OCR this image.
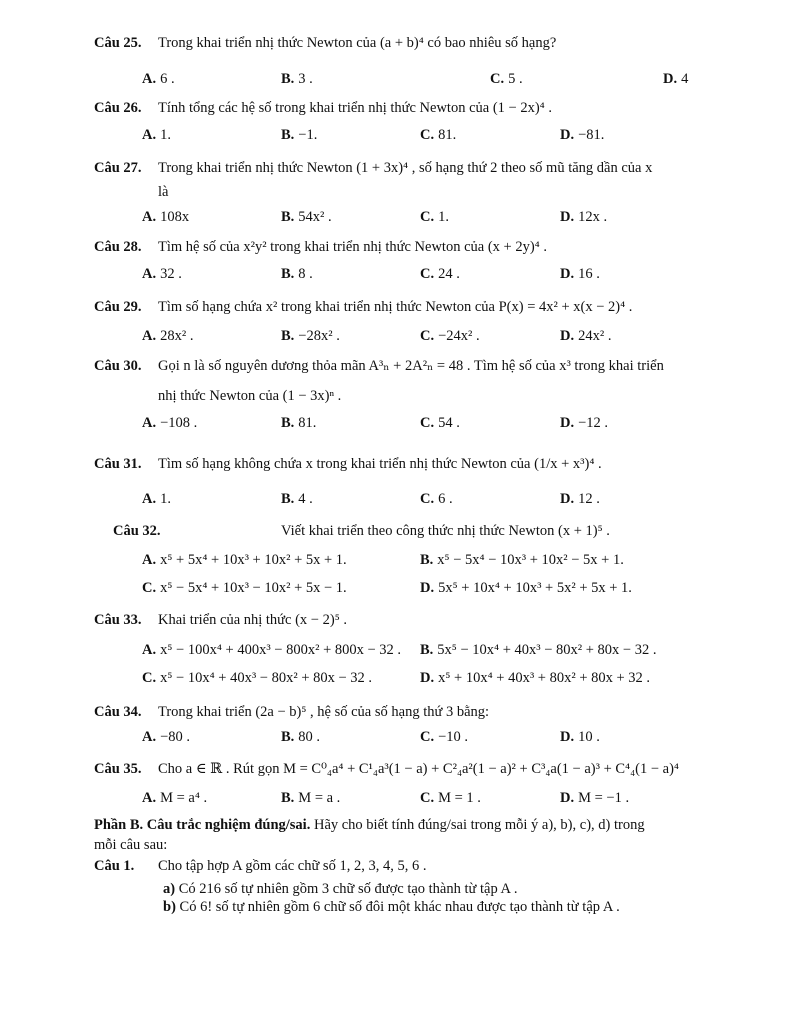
Câu 25. Trong khai triển nhị thức Newton của (a + b)⁴ có bao nhiêu số hạng?
A. 6 .	B. 3 .	C. 5 .	D. 4
Câu 26. Tính tổng các hệ số trong khai triển nhị thức Newton của (1 − 2x)⁴ .
A. 1.	B. −1.	C. 81.	D. −81.
Câu 27. Trong khai triển nhị thức Newton (1 + 3x)⁴ , số hạng thứ 2 theo số mũ tăng dần của x
là
A. 108x	B. 54x² .	C. 1.	D. 12x .
Câu 28. Tìm hệ số của x²y² trong khai triển nhị thức Newton của (x + 2y)⁴ .
A. 32 .	B. 8 .	C. 24 .	D. 16 .
Câu 29. Tìm số hạng chứa x² trong khai triển nhị thức Newton của P(x) = 4x² + x(x − 2)⁴ .
A. 28x² .	B. −28x² .	C. −24x² .	D. 24x² .
Câu 30. Gọi n là số nguyên dương thỏa mãn A³ₙ + 2A²ₙ = 48 . Tìm hệ số của x³ trong khai triển
nhị thức Newton của (1 − 3x)ⁿ .
A. −108 .	B. 81.	C. 54 .	D. −12 .
Câu 31. Tìm số hạng không chứa x trong khai triển nhị thức Newton của (1/x + x³)⁴ .
A. 1.	B. 4 .	C. 6 .	D. 12 .
Câu 32.	Viết khai triển theo công thức nhị thức Newton (x + 1)⁵ .
A. x⁵ + 5x⁴ + 10x³ + 10x² + 5x + 1.	B. x⁵ − 5x⁴ − 10x³ + 10x² − 5x + 1.
C. x⁵ − 5x⁴ + 10x³ − 10x² + 5x − 1.	D. 5x⁵ + 10x⁴ + 10x³ + 5x² + 5x + 1.
Câu 33. Khai triển của nhị thức (x − 2)⁵ .
A. x⁵ − 100x⁴ + 400x³ − 800x² + 800x − 32 . B. 5x⁵ − 10x⁴ + 40x³ − 80x² + 80x − 32 .
C. x⁵ − 10x⁴ + 40x³ − 80x² + 80x − 32 .	D. x⁵ + 10x⁴ + 40x³ + 80x² + 80x + 32 .
Câu 34. Trong khai triển (2a − b)⁵ , hệ số của số hạng thứ 3 bằng:
A. −80 .	B. 80 .	C. −10 .	D. 10 .
Câu 35. Cho a ∈ ℝ . Rút gọn M = C⁰₄a⁴ + C¹₄a³(1 − a) + C²₄a²(1 − a)² + C³₄a(1 − a)³ + C⁴₄(1 − a)⁴
A. M = a⁴ .	B. M = a .	C. M = 1 .	D. M = −1 .
Phần B. Câu trắc nghiệm đúng/sai. Hãy cho biết tính đúng/sai trong mỗi ý a), b), c), d) trong
mỗi câu sau:
Câu 1. Cho tập hợp A gồm các chữ số 1, 2, 3, 4, 5, 6 .
a) Có 216 số tự nhiên gồm 3 chữ số được tạo thành từ tập A .
b) Có 6! số tự nhiên gồm 6 chữ số đôi một khác nhau được tạo thành từ tập A .
